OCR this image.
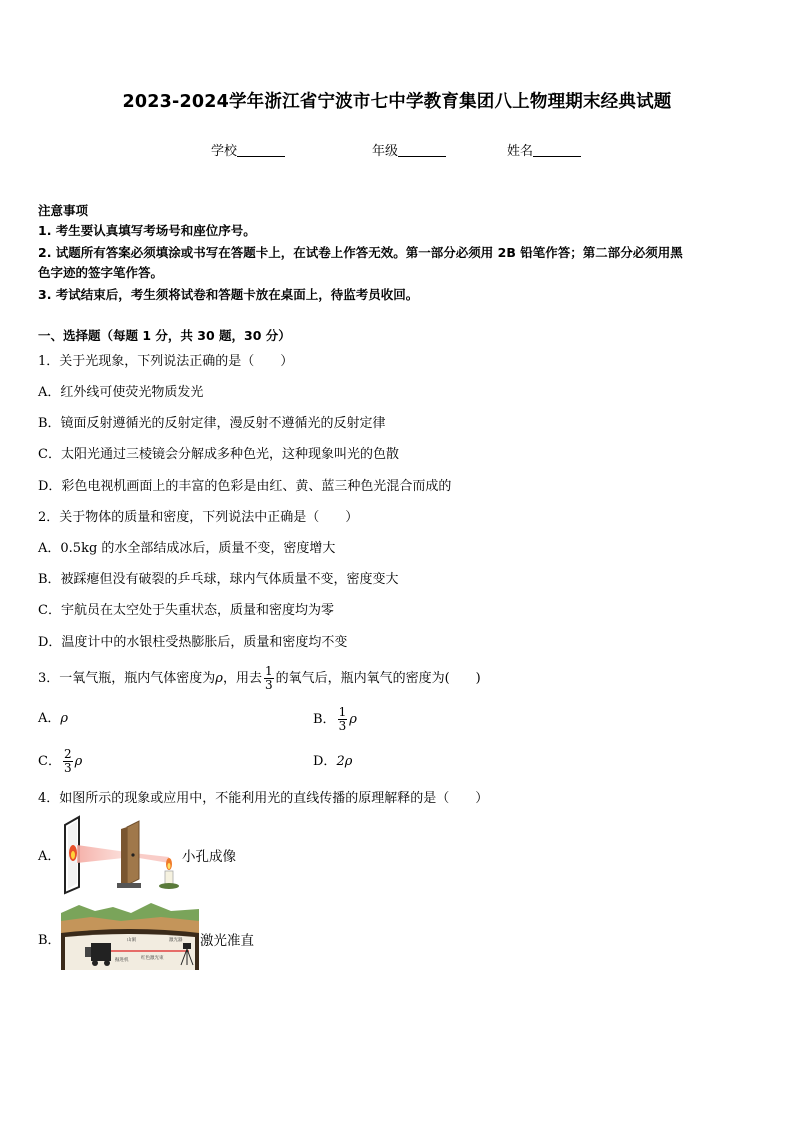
2023-2024学年浙江省宁波市七中学教育集团八上物理期末经典试题
学校	年级	姓名
注意事项
1. 考生要认真填写考场号和座位序号。
2. 试题所有答案必须填涂或书写在答题卡上，在试卷上作答无效。第一部分必须用 2B 铅笔作答；第二部分必须用黑
色字迹的签字笔作答。
3. 考试结束后，考生须将试卷和答题卡放在桌面上，待监考员收回。
一、选择题（每题 1 分，共 30 题，30 分）
1．关于光现象，下列说法正确的是（　　）
A．红外线可使荧光物质发光
B．镜面反射遵循光的反射定律，漫反射不遵循光的反射定律
C．太阳光通过三棱镜会分解成多种色光，这种现象叫光的色散
D．彩色电视机画面上的丰富的色彩是由红、黄、蓝三种色光混合而成的
2．关于物体的质量和密度，下列说法中正确是（　　）
A．0.5kg 的水全部结成冰后，质量不变，密度增大
B．被踩瘪但没有破裂的乒乓球，球内气体质量不变，密度变大
C．宇航员在太空处于失重状态，质量和密度均为零
D．温度计中的水银柱受热膨胀后，质量和密度均不变
3．一氧气瓶，瓶内气体密度为ρ，用去 $\frac{1}{3}$ 的氧气后，瓶内氧气的密度为(　　)
A．ρ	B． $\frac{1}{3}$ ρ
C． $\frac{2}{3}$ ρ	D．2ρ
4．如图所示的现象或应用中，不能利用光的直线传播的原理解释的是（　　）
A．	小孔成像
B．	山洞	激光器
掘进机	红色激光束
激光准直
